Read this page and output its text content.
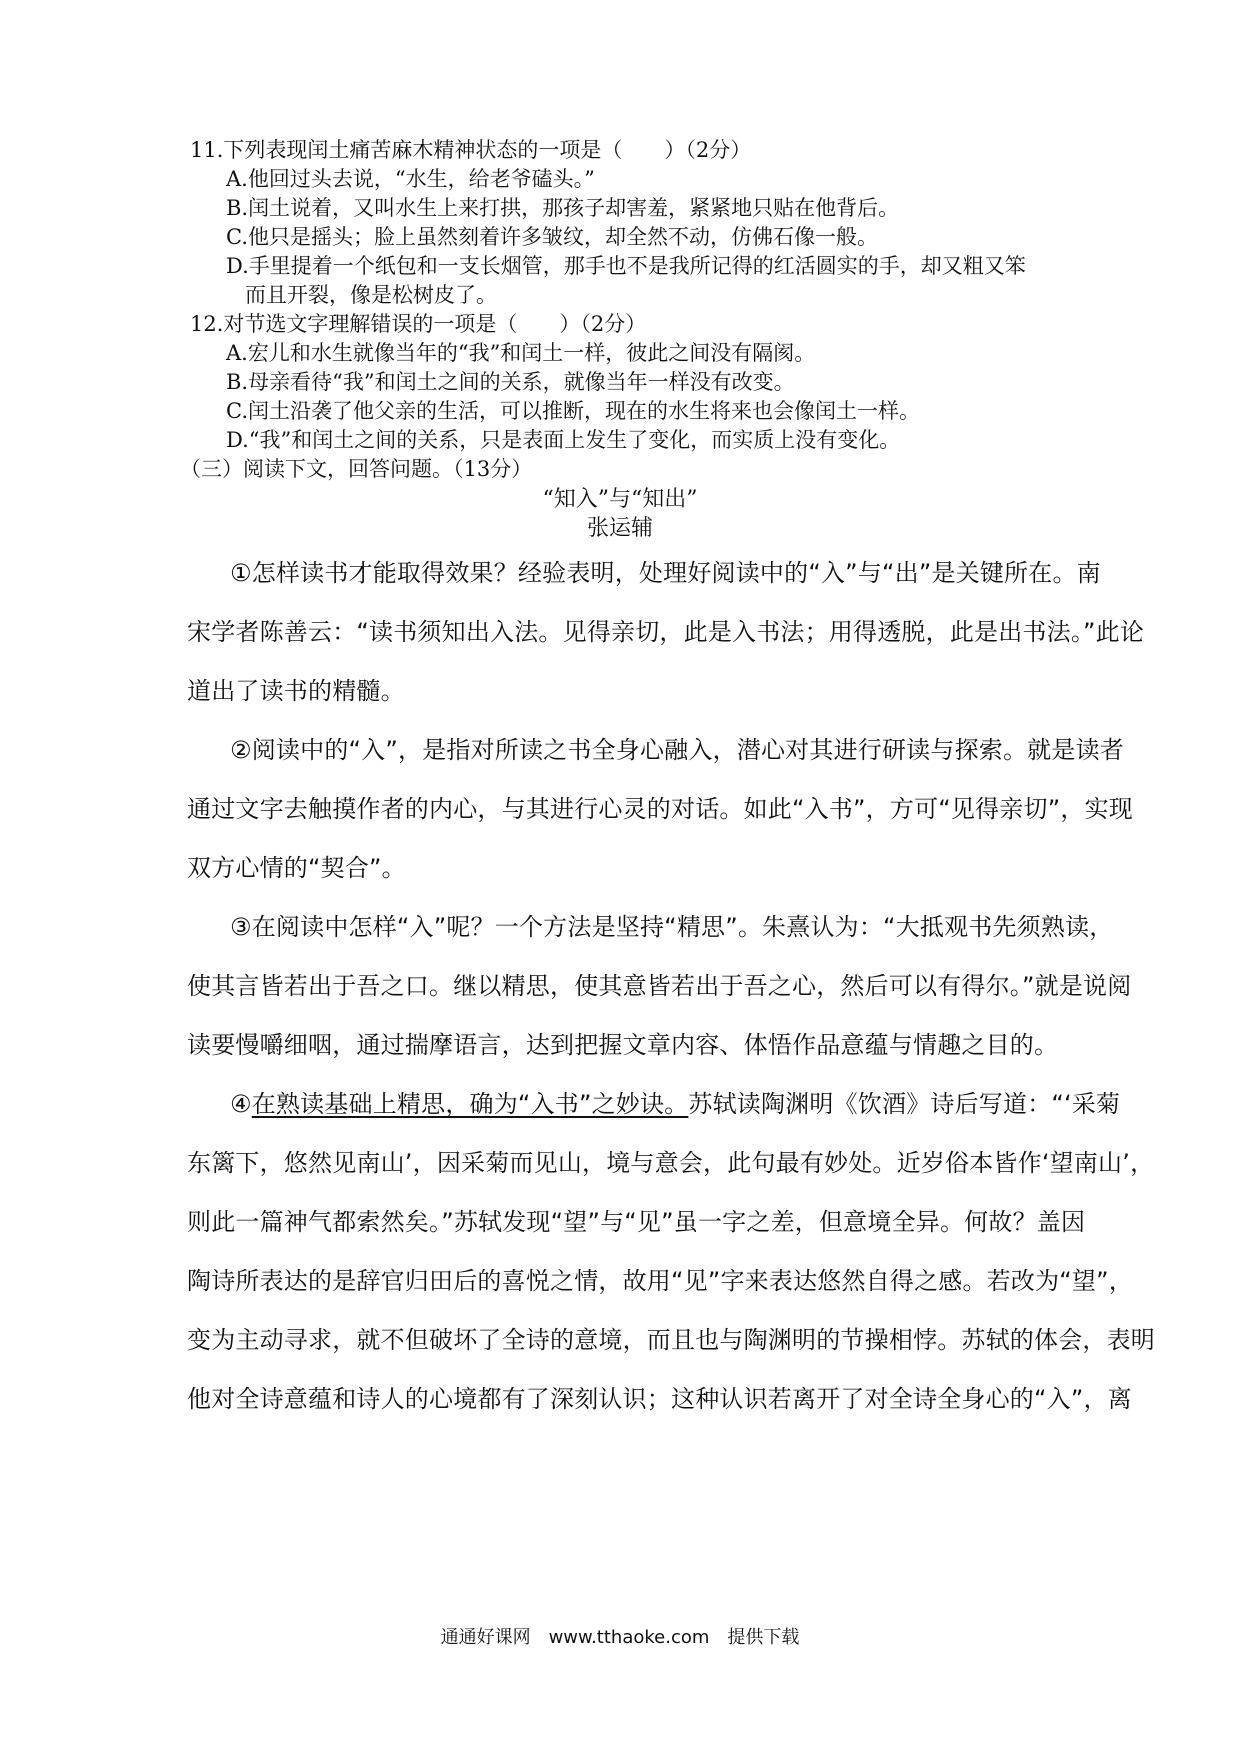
11.下列表现闰土痛苦麻木精神状态的一项是（　　）（2分）
A.他回过头去说，“水生，给老爷磕头。”
B.闰土说着，又叫水生上来打拱，那孩子却害羞，紧紧地只贴在他背后。
C.他只是摇头；脸上虽然刻着许多皱纹，却全然不动，仿佛石像一般。
D.手里提着一个纸包和一支长烟管，那手也不是我所记得的红活圆实的手，却又粗又笨
而且开裂，像是松树皮了。
12.对节选文字理解错误的一项是（　　）（2分）
A.宏儿和水生就像当年的“我”和闰土一样，彼此之间没有隔阂。
B.母亲看待“我”和闰土之间的关系，就像当年一样没有改变。
C.闰土沿袭了他父亲的生活，可以推断，现在的水生将来也会像闰土一样。
D.“我”和闰土之间的关系，只是表面上发生了变化，而实质上没有变化。
（三）阅读下文，回答问题。（13分）
“知入”与“知出”
张运辅
①怎样读书才能取得效果？经验表明，处理好阅读中的“入”与“出”是关键所在。南
宋学者陈善云：“读书须知出入法。见得亲切，此是入书法；用得透脱，此是出书法。”此论
道出了读书的精髓。
②阅读中的“入”，是指对所读之书全身心融入，潜心对其进行研读与探索。就是读者
通过文字去触摸作者的内心，与其进行心灵的对话。如此“入书”，方可“见得亲切”，实现
双方心情的“契合”。
③在阅读中怎样“入”呢？一个方法是坚持“精思”。朱熹认为：“大抵观书先须熟读，
使其言皆若出于吾之口。继以精思，使其意皆若出于吾之心，然后可以有得尔。”就是说阅
读要慢嚼细咽，通过揣摩语言，达到把握文章内容、体悟作品意蕴与情趣之目的。
④在熟读基础上精思，确为“入书”之妙诀。苏轼读陶渊明《饮酒》诗后写道：“‘采菊
东篱下，悠然见南山’，因采菊而见山，境与意会，此句最有妙处。近岁俗本皆作‘望南山’，
则此一篇神气都索然矣。”苏轼发现“望”与“见”虽一字之差，但意境全异。何故？盖因
陶诗所表达的是辞官归田后的喜悦之情，故用“见”字来表达悠然自得之感。若改为“望”，
变为主动寻求，就不但破坏了全诗的意境，而且也与陶渊明的节操相悖。苏轼的体会，表明
他对全诗意蕴和诗人的心境都有了深刻认识；这种认识若离开了对全诗全身心的“入”，离
通通好课网　www.tthaoke.com　提供下载
